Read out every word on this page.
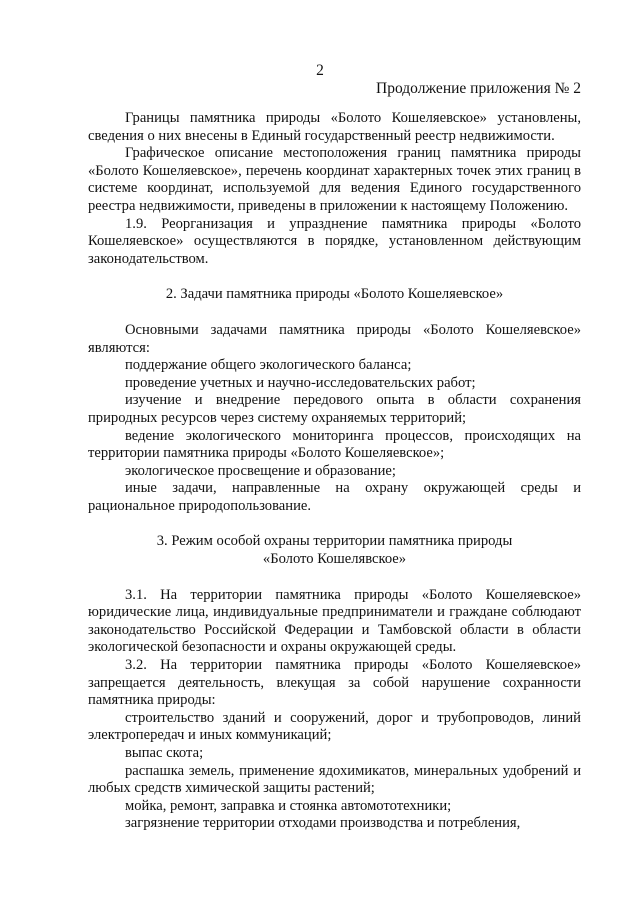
2
Продолжение приложения № 2

Границы памятника природы «Болото Кошеляевское» установлены, сведения о них внесены в Единый государственный реестр недвижимости.

Графическое описание местоположения границ памятника природы «Болото Кошеляевское», перечень координат характерных точек этих границ в системе координат, используемой для ведения Единого государственного реестра недвижимости, приведены в приложении к настоящему Положению.

1.9. Реорганизация и упразднение памятника природы «Болото Кошеляевское» осуществляются в порядке, установленном действующим законодательством.

2. Задачи памятника природы «Болото Кошеляевское»

Основными задачами памятника природы «Болото Кошеляевское» являются:

поддержание общего экологического баланса;

проведение учетных и научно-исследовательских работ;

изучение и внедрение передового опыта в области сохранения природных ресурсов через систему охраняемых территорий;

ведение экологического мониторинга процессов, происходящих на территории памятника природы «Болото Кошеляевское»;

экологическое просвещение и образование;

иные задачи, направленные на охрану окружающей среды и рациональное природопользование.

3. Режим особой охраны территории памятника природы

«Болото Кошелявское»

3.1. На территории памятника природы «Болото Кошеляевское» юридические лица, индивидуальные предприниматели и граждане соблюдают законодательство Российской Федерации и Тамбовской области в области экологической безопасности и охраны окружающей среды.

3.2. На территории памятника природы «Болото Кошеляевское» запрещается деятельность, влекущая за собой нарушение сохранности памятника природы:

строительство зданий и сооружений, дорог и трубопроводов, линий электропередач и иных коммуникаций;

выпас скота;

распашка земель, применение ядохимикатов, минеральных удобрений и любых средств химической защиты растений;

мойка, ремонт, заправка и стоянка автомототехники;

загрязнение территории отходами производства и потребления,
